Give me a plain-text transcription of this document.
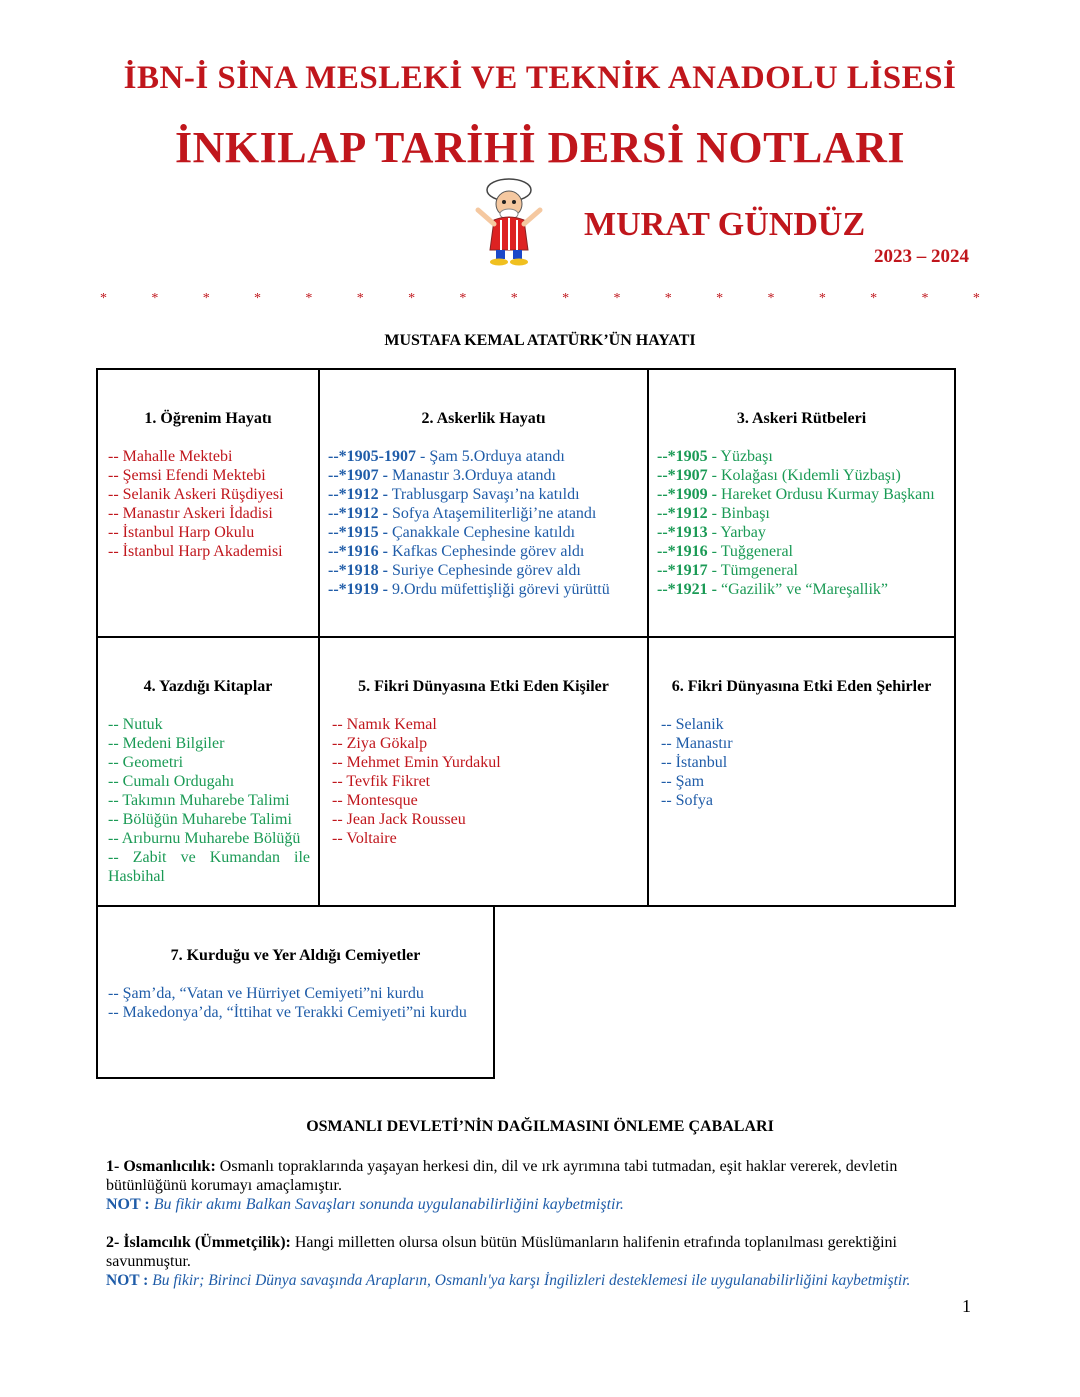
İBN-İ SİNA MESLEKİ VE TEKNİK ANADOLU LİSESİ
İNKILAP TARİHİ DERSİ NOTLARI
MURAT GÜNDÜZ
2023 – 2024
*	*	*	*	*	*	*	*	*	*	*	*	*	*	*	*	*	*
MUSTAFA KEMAL ATATÜRK’ÜN HAYATI
1. Öğrenim Hayatı
-- Mahalle Mektebi
-- Şemsi Efendi Mektebi
-- Selanik Askeri Rüşdiyesi
-- Manastır Askeri İdadisi
-- İstanbul Harp Okulu
-- İstanbul Harp Akademisi
2. Askerlik Hayatı
--*1905-1907 - Şam 5.Orduya atandı
--*1907 - Manastır 3.Orduya atandı
--*1912 - Trablusgarp Savaşı’na katıldı
--*1912 - Sofya Ataşemiliterliği’ne atandı
--*1915 - Çanakkale Cephesine katıldı
--*1916 - Kafkas Cephesinde görev aldı
--*1918 - Suriye Cephesinde görev aldı
--*1919 - 9.Ordu müfettişliği görevi yürüttü
3. Askeri Rütbeleri
--*1905 - Yüzbaşı
--*1907 - Kolağası (Kıdemli Yüzbaşı)
--*1909 - Hareket Ordusu Kurmay Başkanı
--*1912 - Binbaşı
--*1913 - Yarbay
--*1916 - Tuğgeneral
--*1917 - Tümgeneral
--*1921 - “Gazilik” ve “Mareşallik”
4. Yazdığı Kitaplar
-- Nutuk
-- Medeni Bilgiler
-- Geometri
-- Cumalı Ordugahı
-- Takımın Muharebe Talimi
-- Bölüğün Muharebe Talimi
-- Arıburnu Muharebe Bölüğü
-- Zabit ve Kumandan ile
Hasbihal
5. Fikri Dünyasına Etki Eden Kişiler
-- Namık Kemal
-- Ziya Gökalp
-- Mehmet Emin Yurdakul
-- Tevfik Fikret
-- Montesque
-- Jean Jack Rousseu
-- Voltaire
6. Fikri Dünyasına Etki Eden Şehirler
-- Selanik
-- Manastır
-- İstanbul
-- Şam
-- Sofya
7. Kurduğu ve Yer Aldığı Cemiyetler
-- Şam’da, “Vatan ve Hürriyet Cemiyeti”ni kurdu
-- Makedonya’da, “İttihat ve Terakki Cemiyeti”ni kurdu
OSMANLI DEVLETİ’NİN DAĞILMASINI ÖNLEME ÇABALARI
1- Osmanlıcılık: Osmanlı topraklarında yaşayan herkesi din, dil ve ırk ayrımına tabi tutmadan, eşit haklar vererek, devletin
bütünlüğünü korumayı amaçlamıştır.
NOT : Bu fikir akımı Balkan Savaşları sonunda uygulanabilirliğini kaybetmiştir.
2- İslamcılık (Ümmetçilik): Hangi milletten olursa olsun bütün Müslümanların halifenin etrafında toplanılması gerektiğini
savunmuştur.
NOT : Bu fikir; Birinci Dünya savaşında Arapların, Osmanlı'ya karşı İngilizleri desteklemesi ile uygulanabilirliğini kaybetmiştir.
1
